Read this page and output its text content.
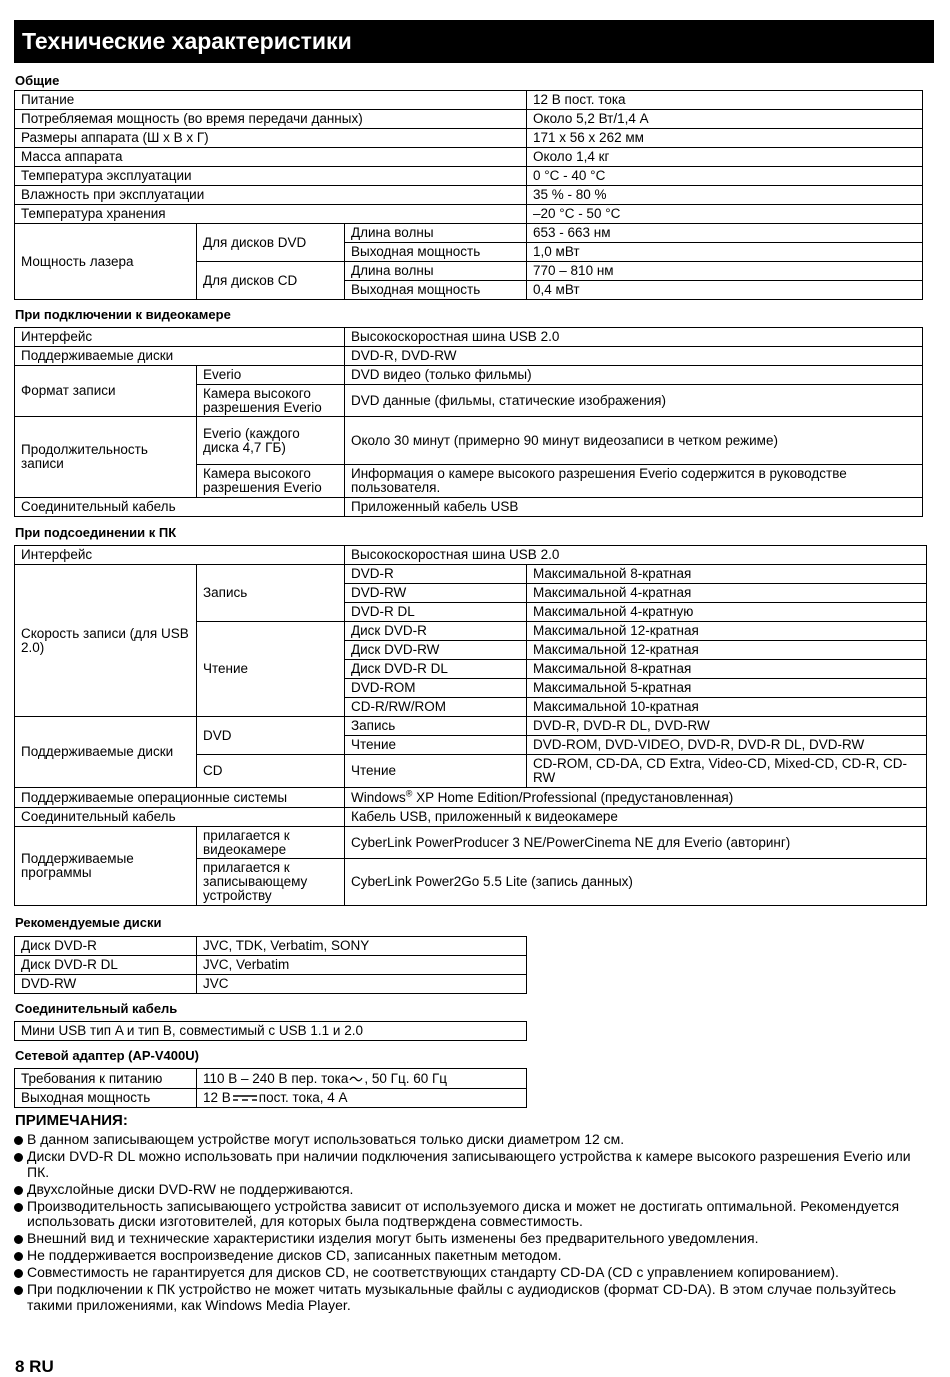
Технические характеристики
Общие
Питание			12 В пост. тока
Потребляемая мощность (во время передачи данных)			Около 5,2 Вт/1,4 А
Размеры аппарата (Ш x В x Г)			171 x 56 x 262 мм
Масса аппарата			Около 1,4 кг
Температура эксплуатации			0 °C - 40 °C
Влажность при эксплуатации			35 % - 80 %
Температура хранения			–20 °C - 50 °C
Мощность лазера	Для дисков DVD	Длина волны	653 - 663 нм
		Выходная мощность	1,0 мВт
	Для дисков CD	Длина волны	770 – 810 нм
		Выходная мощность	0,4 мВт
При подключении к видеокамере
Интерфейс		Высокоскоростная шина USB 2.0
Поддерживаемые диски		DVD-R, DVD-RW
Формат записи	Everio	DVD видео (только фильмы)
	Камера высокого разрешения Everio	DVD данные (фильмы, статические изображения)
Продолжительность записи	Everio (каждого диска 4,7 ГБ)	Около 30 минут (примерно 90 минут видеозаписи в четком режиме)
	Камера высокого разрешения Everio	Информация о камере высокого разрешения Everio содержится в руководстве пользователя.
Соединительный кабель		Приложенный кабель USB
При подсоединении к ПК
Интерфейс		Высокоскоростная шина USB 2.0	
Скорость записи (для USB 2.0)	Запись	DVD-R	Максимальной 8-кратная
		DVD-RW	Максимальной 4-кратная
		DVD-R DL	Максимальной 4-кратную
	Чтение	Диск DVD-R	Максимальной 12-кратная
		Диск DVD-RW	Максимальной 12-кратная
		Диск DVD-R DL	Максимальной 8-кратная
		DVD-ROM	Максимальной 5-кратная
		CD-R/RW/ROM	Максимальной 10-кратная
Поддерживаемые диски	DVD	Запись	DVD-R, DVD-R DL, DVD-RW
		Чтение	DVD-ROM, DVD-VIDEO, DVD-R, DVD-R DL, DVD-RW
	CD	Чтение	CD-ROM, CD-DA, CD Extra, Video-CD, Mixed-CD, CD-R, CD-RW
Поддерживаемые операционные системы		Windows® XP Home Edition/Professional (предустановленная)	
Соединительный кабель		Кабель USB, приложенный к видеокамере	
Поддерживаемые программы	прилагается к видеокамере	CyberLink PowerProducer 3 NE/PowerCinema NE для Everio (авторинг)	
	прилагается к записывающему устройству	CyberLink Power2Go 5.5 Lite (запись данных)	
Рекомендуемые диски
Диск DVD-R	JVC, TDK, Verbatim, SONY
Диск DVD-R DL	JVC, Verbatim
DVD-RW	JVC
Соединительный кабель
Мини USB тип A и тип B, совместимый с USB 1.1 и 2.0
Сетевой адаптер (AP-V400U)
Требования к питанию	110 В – 240 В пер. тока , 50 Гц. 60 Гц
Выходная мощность	12 В пост. тока, 4 А
ПРИМЕЧАНИЯ:
В данном записывающем устройстве могут использоваться только диски диаметром 12 см.
Диски DVD-R DL можно использовать при наличии подключения записывающего устройства к камере высокого разрешения Everio или ПК.
Двухслойные диски DVD-RW не поддерживаются.
Производительность записывающего устройства зависит от используемого диска и может не достигать оптимальной. Рекомендуется использовать диски изготовителей, для которых была подтверждена совместимость.
Внешний вид и технические характеристики изделия могут быть изменены без предварительного уведомления.
Не поддерживается воспроизведение дисков CD, записанных пакетным методом.
Совместимость не гарантируется для дисков CD, не соответствующих стандарту CD-DA (CD с управлением копированием).
При подключении к ПК устройство не может читать музыкальные файлы с аудиодисков (формат CD-DA). В этом случае пользуйтесь такими приложениями, как Windows Media Player.
8 RU
